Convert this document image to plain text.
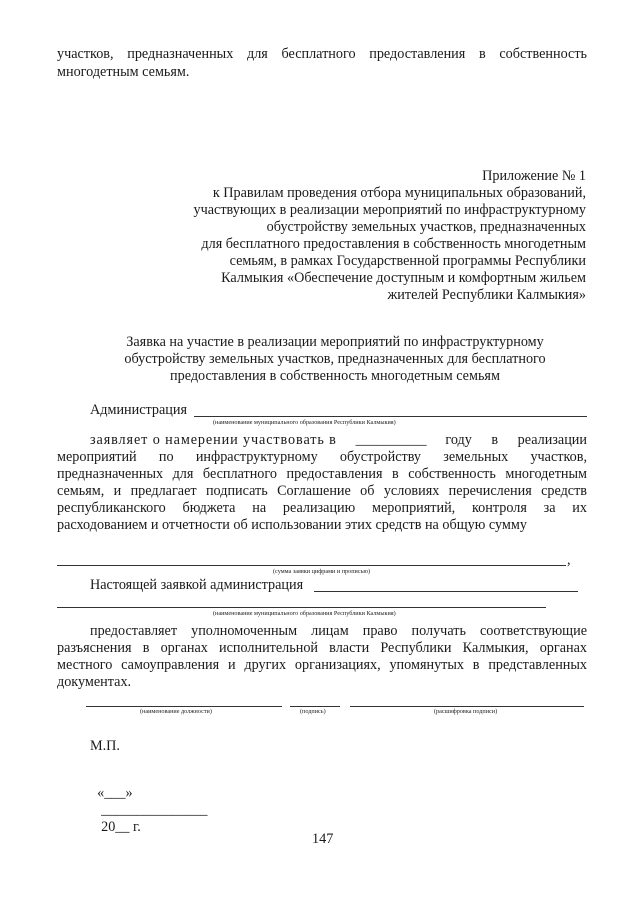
участков, предназначенных для бесплатного предоставления в собственность
многодетным семьям.
Приложение № 1
к Правилам проведения отбора муниципальных образований,
участвующих в реализации мероприятий по инфраструктурному
обустройству земельных участков, предназначенных
для бесплатного предоставления в собственность многодетным
семьям, в рамках Государственной программы Республики
Калмыкия «Обеспечение доступным и комфортным жильем
жителей Республики Калмыкия»
Заявка на участие в реализации мероприятий по инфраструктурному
обустройству земельных участков, предназначенных для бесплатного
предоставления в собственность многодетным семьям
Администрация
(наименование муниципального образования Республики Калмыкия)
заявляет о намерении участвовать в __________ году в реализации
мероприятий по инфраструктурному обустройству земельных участков,
предназначенных для бесплатного предоставления в собственность многодетным
семьям, и предлагает подписать Соглашение об условиях перечисления средств
республиканского бюджета на реализацию мероприятий, контроля за их
расходованием и отчетности об использовании этих средств на общую сумму
,
(сумма заявки цифрами и прописью)
Настоящей заявкой администрация
(наименование муниципального образования Республики Калмыкия)
предоставляет уполномоченным лицам право получать соответствующие
разъяснения в органах исполнительной власти Республики Калмыкия, органах
местного самоуправления и других организациях, упомянутых в представленных
документах.
(наименование должности)	(подпись)	(расшифровка подписи)
М.П.

«___»
_______________
20__ г.

147
